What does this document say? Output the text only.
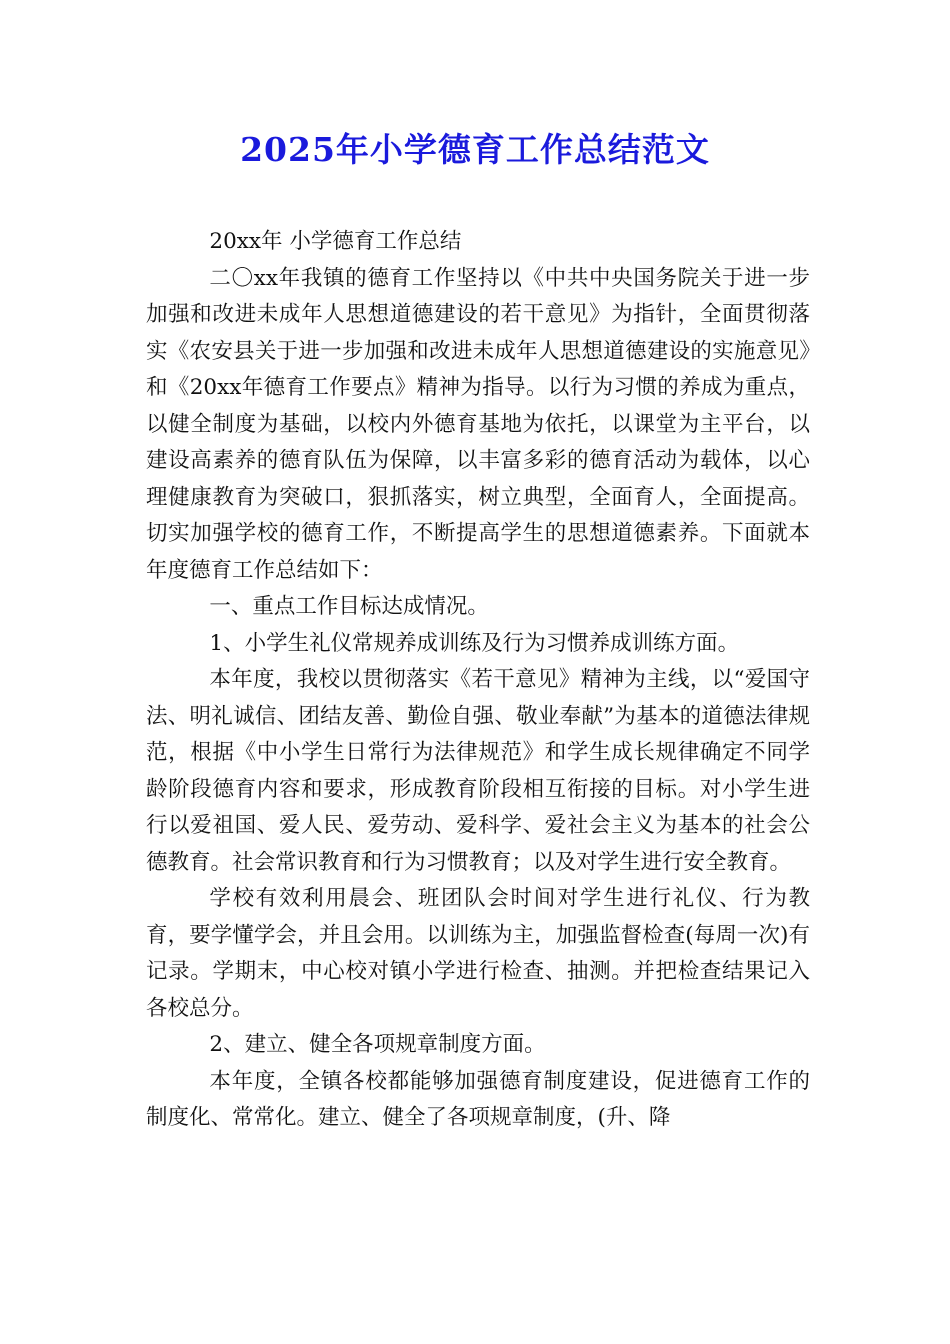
2025年小学德育工作总结范文

20xx年 小学德育工作总结

二〇xx年我镇的德育工作坚持以《中共中央国务院关于进一步加强和改进未成年人思想道德建设的若干意见》为指针，全面贯彻落实《农安县关于进一步加强和改进未成年人思想道德建设的实施意见》和《20xx年德育工作要点》精神为指导。以行为习惯的养成为重点，以健全制度为基础，以校内外德育基地为依托，以课堂为主平台，以建设高素养的德育队伍为保障，以丰富多彩的德育活动为载体，以心理健康教育为突破口，狠抓落实，树立典型，全面育人，全面提高。切实加强学校的德育工作，不断提高学生的思想道德素养。下面就本年度德育工作总结如下：

一、重点工作目标达成情况。

1、小学生礼仪常规养成训练及行为习惯养成训练方面。

本年度，我校以贯彻落实《若干意见》精神为主线，以“爱国守法、明礼诚信、团结友善、勤俭自强、敬业奉献”为基本的道德法律规范，根据《中小学生日常行为法律规范》和学生成长规律确定不同学龄阶段德育内容和要求，形成教育阶段相互衔接的目标。对小学生进行以爱祖国、爱人民、爱劳动、爱科学、爱社会主义为基本的社会公德教育。社会常识教育和行为习惯教育；以及对学生进行安全教育。

学校有效利用晨会、班团队会时间对学生进行礼仪、行为教育，要学懂学会，并且会用。以训练为主，加强监督检查(每周一次)有记录。学期末，中心校对镇小学进行检查、抽测。并把检查结果记入各校总分。

2、建立、健全各项规章制度方面。

本年度，全镇各校都能够加强德育制度建设，促进德育工作的制度化、常常化。建立、健全了各项规章制度，(升、降
